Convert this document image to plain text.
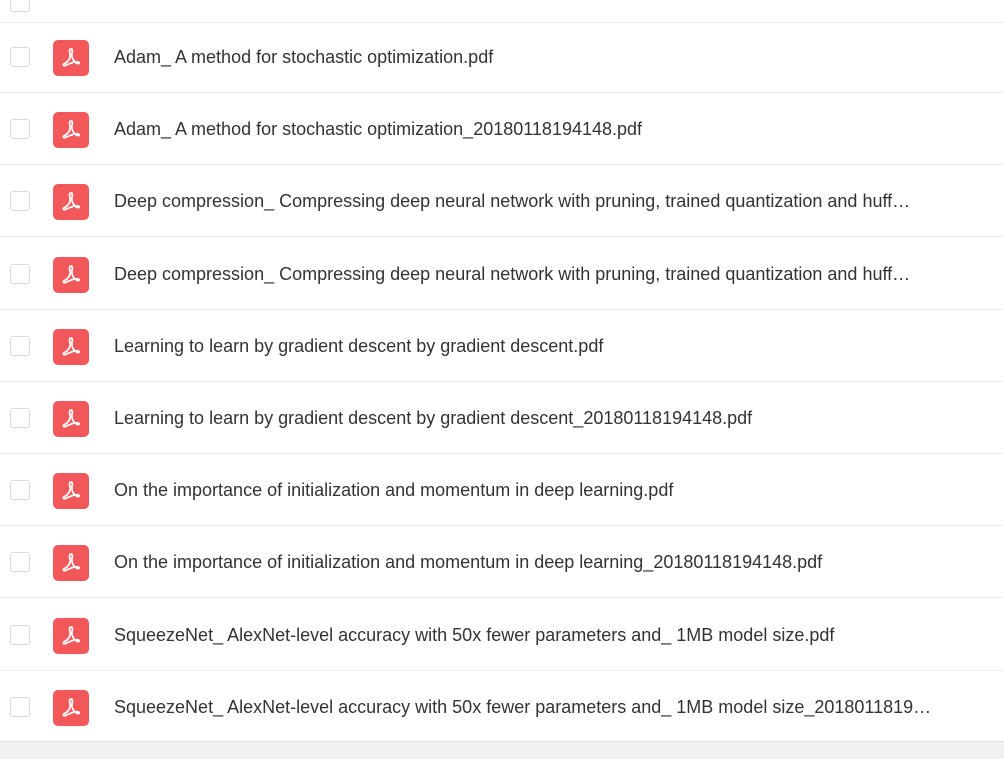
Adam_ A method for stochastic optimization.pdf
Adam_ A method for stochastic optimization_20180118194148.pdf
Deep compression_ Compressing deep neural network with pruning, trained quantization and huff…
Deep compression_ Compressing deep neural network with pruning, trained quantization and huff…
Learning to learn by gradient descent by gradient descent.pdf
Learning to learn by gradient descent by gradient descent_20180118194148.pdf
On the importance of initialization and momentum in deep learning.pdf
On the importance of initialization and momentum in deep learning_20180118194148.pdf
SqueezeNet_ AlexNet-level accuracy with 50x fewer parameters and_ 1MB model size.pdf
SqueezeNet_ AlexNet-level accuracy with 50x fewer parameters and_ 1MB model size_2018011819…
